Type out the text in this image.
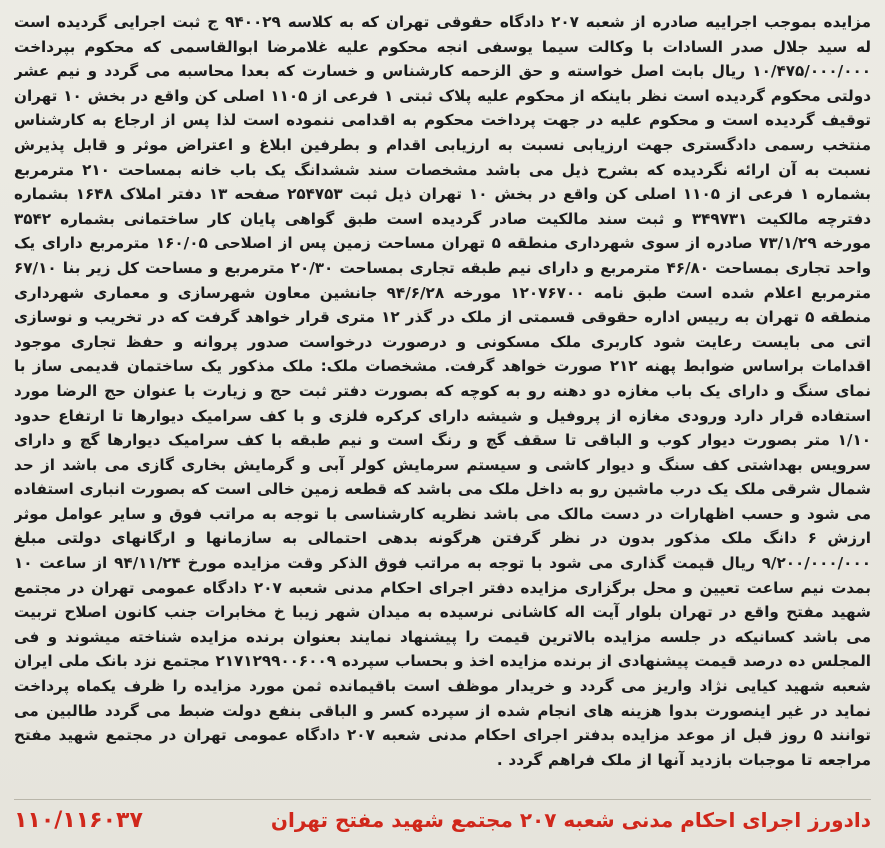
مزایده بموجب اجراییه صادره از شعبه ۲۰۷ دادگاه حقوقی تهران که به کلاسه ۹۴۰۰۲۹ ج ثبت اجرایی گردیده است له سید جلال صدر السادات با وکالت سیما یوسفی انجه محکوم علیه غلامرضا ابوالقاسمی که محکوم بپرداخت ۱۰/۴۷۵/۰۰۰/۰۰۰ ریال بابت اصل خواسته و حق الزحمه کارشناس و خسارت که بعدا محاسبه می گردد و نیم عشر دولتی محکوم گردیده است نظر باینکه از محکوم علیه پلاک ثبتی ۱ فرعی از ۱۱۰۵ اصلی کن واقع در بخش ۱۰ تهران توقیف گردیده است و محکوم علیه در جهت پرداخت محکوم به اقدامی ننموده است لذا پس از ارجاع به کارشناس منتخب رسمی دادگستری جهت ارزیابی نسبت به ارزیابی اقدام و بطرفین ابلاغ و اعتراض موثر و قابل پذیرش نسبت به آن ارائه نگردیده که بشرح ذیل می باشد مشخصات سند ششدانگ یک باب خانه بمساحت ۲۱۰ مترمربع بشماره ۱ فرعی از ۱۱۰۵ اصلی کن واقع در بخش ۱۰ تهران ذیل ثبت ۲۵۴۷۵۳ صفحه ۱۳ دفتر املاک ۱۶۴۸ بشماره دفترچه مالکیت ۳۴۹۷۳۱ و ثبت سند مالکیت صادر گردیده است طبق گواهی پایان کار ساختمانی بشماره ۳۵۴۲ مورخه ۷۳/۱/۲۹ صادره از سوی شهرداری منطقه ۵ تهران مساحت زمین پس از اصلاحی ۱۶۰/۰۵ مترمربع دارای یک واحد تجاری بمساحت ۴۶/۸۰ مترمربع و دارای نیم طبقه تجاری بمساحت ۲۰/۳۰ مترمربع و مساحت کل زیر بنا ۶۷/۱۰ مترمربع اعلام شده است طبق نامه ۱۲۰۷۶۷۰۰ مورخه ۹۴/۶/۲۸ جانشین معاون شهرسازی و معماری شهرداری منطقه ۵ تهران به رییس اداره حقوقی قسمتی از ملک در گذر ۱۲ متری قرار خواهد گرفت که در تخریب و نوسازی اتی می بایست رعایت شود کاربری ملک مسکونی و درصورت درخواست صدور پروانه و حفظ تجاری موجود اقدامات براساس ضوابط پهنه ۲۱۲ صورت خواهد گرفت. مشخصات ملک: ملک مذکور یک ساختمان قدیمی ساز با نمای سنگ و دارای یک باب مغازه دو دهنه رو به کوچه که بصورت دفتر ثبت حج و زیارت با عنوان حج الرضا مورد استفاده قرار دارد ورودی مغازه از پروفیل و شیشه دارای کرکره فلزی و با کف سرامیک دیوارها تا ارتفاع حدود ۱/۱۰ متر بصورت دیوار کوب و الباقی تا سقف گچ و رنگ است و نیم طبقه با کف سرامیک دیوارها گچ و دارای سرویس بهداشتی کف سنگ و دیوار کاشی و سیستم سرمایش کولر آبی و گرمایش بخاری گازی می باشد از حد شمال شرقی ملک یک درب ماشین رو به داخل ملک می باشد که قطعه زمین خالی است که بصورت انباری استفاده می شود و حسب اظهارات در دست مالک می باشد نظریه کارشناسی با توجه به مراتب فوق و سایر عوامل موثر ارزش ۶ دانگ ملک مذکور بدون در نظر گرفتن هرگونه بدهی احتمالی به سازمانها و ارگانهای دولتی مبلغ ۹/۲۰۰/۰۰۰/۰۰۰ ریال قیمت گذاری می شود با توجه به مراتب فوق الذکر وقت مزایده مورخ ۹۴/۱۱/۲۴ از ساعت ۱۰ بمدت نیم ساعت تعیین و محل برگزاری مزایده دفتر اجرای احکام مدنی شعبه ۲۰۷ دادگاه عمومی تهران در مجتمع شهید مفتح واقع در تهران بلوار آیت اله کاشانی نرسیده به میدان شهر زیبا خ مخابرات جنب کانون اصلاح تربیت می باشد کسانیکه در جلسه مزایده بالاترین قیمت را پیشنهاد نمایند بعنوان برنده مزایده شناخته میشوند و فی المجلس ده درصد قیمت پیشنهادی از برنده مزایده اخذ و بحساب سپرده ۲۱۷۱۲۹۹۰۰۶۰۰۹ مجتمع نزد بانک ملی ایران شعبه شهید کیایی نژاد واریز می گردد و خریدار موظف است باقیمانده ثمن مورد مزایده را ظرف یکماه پرداخت نماید در غیر اینصورت بدوا هزینه های انجام شده از سپرده کسر و الباقی بنفع دولت ضبط می گردد طالبین می توانند ۵ روز قبل از موعد مزایده بدفتر اجرای احکام مدنی شعبه ۲۰۷ دادگاه عمومی تهران در مجتمع شهید مفتح مراجعه تا موجبات بازدید آنها از ملک فراهم گردد .

۱۱۰/۱۱۶۰۳۷	دادورز اجرای احکام مدنی شعبه ۲۰۷ مجتمع شهید مفتح تهران
